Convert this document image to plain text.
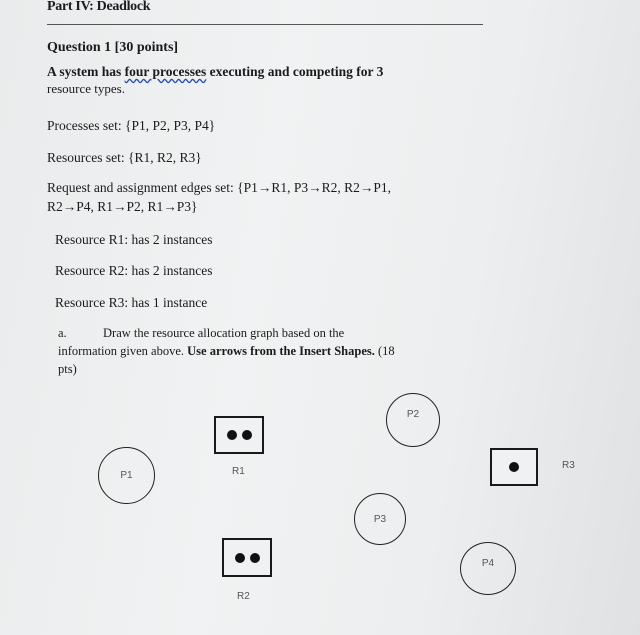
Part IV: Deadlock
Question 1 [30 points]
A system has four processes executing and competing for 3
resource types.
Processes set: {P1, P2, P3, P4}
Resources set: {R1, R2, R3}
Request and assignment edges set: {P1→R1, P3→R2, R2→P1,
R2→P4, R1→P2, R1→P3}
Resource R1: has 2 instances
Resource R2: has 2 instances
Resource R3: has 1 instance
a.	Draw the resource allocation graph based on the
information given above. Use arrows from the Insert Shapes. (18
pts)
P1
P2
P3
P4
R1
R2
R3
